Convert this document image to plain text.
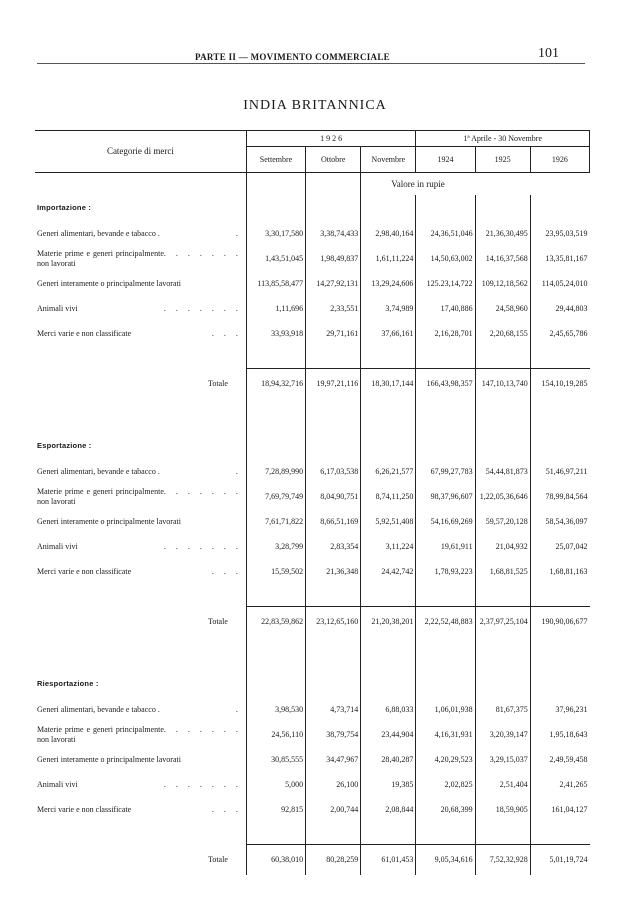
PARTE II — MOVIMENTO COMMERCIALE	101
INDIA BRITANNICA
Categorie di merci	1 9 2 6			1ª Aprile - 30 Novembre		
	Settembre	Ottobre	Novembre	1924	1925	1926
			Valore in rupie			
Importazione :						

Generi alimentari, bevande e tabacco . .	3,30,17,580	3,38,74,433	2,98,40,164	24,36,51,046	21,36,30,495	23,95,03,519

Materie prime e generi principalmente non lavorati
. . . . . . .	1,43,51,045	1,98,49,837	1,61,11,224	14,50,63,002	14,16,37,568	13,35,81,167

Generi interamente o principalmente lavorati	113,85,58,477	14,27,92,131	13,29,24,606	125.23,14,722	109,12,18,562	114,05,24,010

Animali vivi . . . . . . .	1,11,696	2,33,551	3,74,989	17,40,886	24,58,960	29,44,803

Merci varie e non classificate . . .	33,93,918	29,71,161	37,66,161	2,16,28,701	2,20,68,155	2,45,65,786

Totale	18,94,32,716	19,97,21,116	18,30,17,144	166,43,98,357	147,10,13,740	154,10,19,285

Esportazione :						

Generi alimentari, bevande e tabacco . .	7,28,89,990	6,17,03,538	6,26,21,577	67,99,27,783	54,44,81,873	51,46,97,211

Materie prime e generi principalmente non lavorati
. . . . . . .	7,69,79,749	8,04,90,751	8,74,11,250	98,37,96,607	1,22,05,36,646	78,99,84,564

Generi interamente o principalmente lavorati	7,61,71,822	8,66,51,169	5,92,51,408	54,16,69,269	59,57,20,128	58,54,36,097

Animali vivi . . . . . . .	3,28,799	2,83,354	3,11,224	19,61,911	21,04,932	25,07,042

Merci varie e non classificate . . .	15,59,502	21,36,348	24,42,742	1,78,93,223	1,68,81,525	1,68,81,163

Totale	22,83,59,862	23,12,65,160	21,20,38,201	2,22,52,48,883	2,37,97,25,104	190,90,06,677

Riesportazione :						

Generi alimentari, bevande e tabacco . .	3,98,530	4,73,714	6,88,033	1,06,01,938	81,67,375	37,96,231

Materie prime e generi principalmente non lavorati
. . . . . . .	24,56,110	38,79,754	23,44,904	4,16,31,931	3,20,39,147	1,95,18,643

Generi interamente o principalmente lavorati	30,85,555	34,47,967	28,40,287	4,20,29,523	3,29,15,037	2,49,59,458

Animali vivi . . . . . . .	5,000	26,100	19,385	2,02,825	2,51,404	2,41,265

Merci varie e non classificate . . .	92,815	2,00,744	2,08,844	20,68,399	18,59,905	161,04,127

Totale	60,38,010	80,28,259	61,01,453	9,05,34,616	7,52,32,928	5,01,19,724
